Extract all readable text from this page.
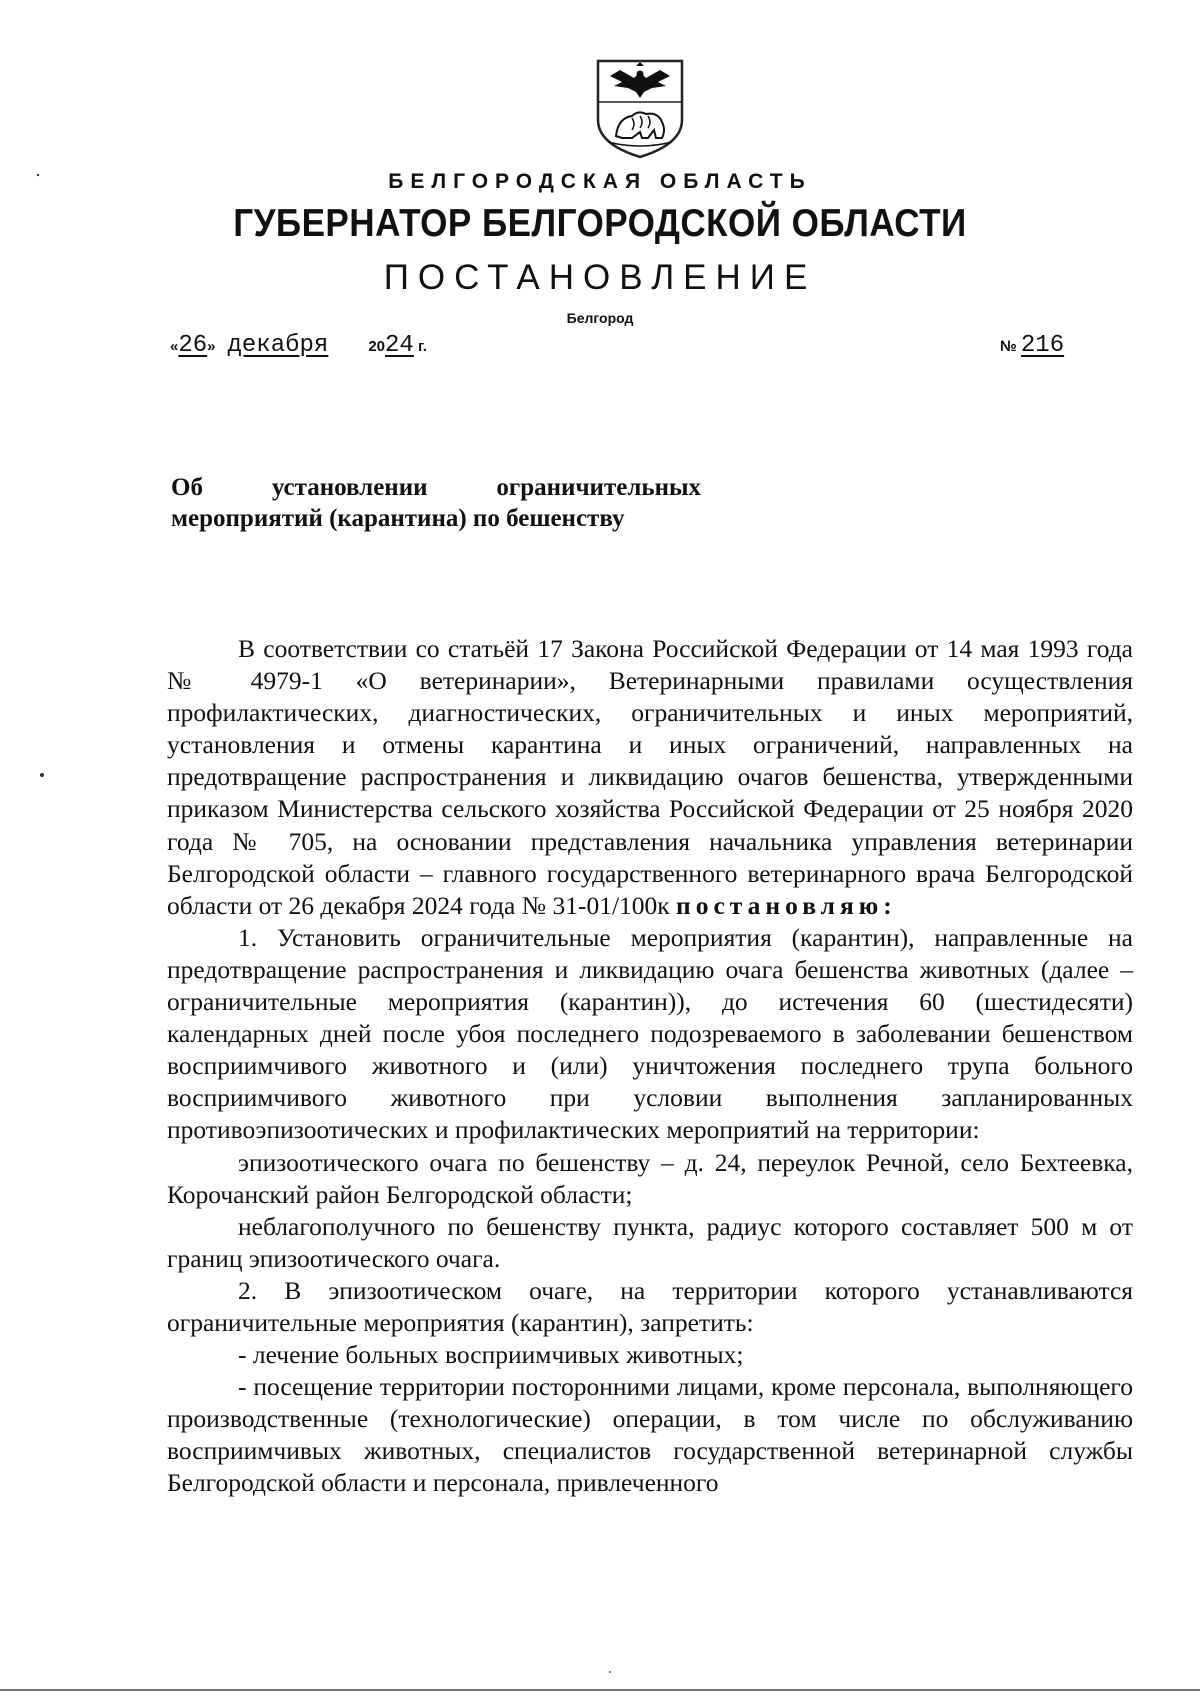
БЕЛГОРОДСКАЯ ОБЛАСТЬ
ГУБЕРНАТОР БЕЛГОРОДСКОЙ ОБЛАСТИ
ПОСТАНОВЛЕНИЕ
Белгород
«26» декабря	2024 г.	№ 216
Об установлении ограничительных
мероприятий (карантина) по бешенству

В соответствии со статьёй 17 Закона Российской Федерации от 14 мая 1993 года № 4979-1 «О ветеринарии», Ветеринарными правилами осуществления профилактических, диагностических, ограничительных и иных мероприятий, установления и отмены карантина и иных ограничений, направленных на предотвращение распространения и ликвидацию очагов бешенства, утвержденными приказом Министерства сельского хозяйства Российской Федерации от 25 ноября 2020 года № 705, на основании представления начальника управления ветеринарии Белгородской области – главного государственного ветеринарного врача Белгородской области от 26 декабря 2024 года № 31-01/100к постановляю:

1. Установить ограничительные мероприятия (карантин), направленные на предотвращение распространения и ликвидацию очага бешенства животных (далее – ограничительные мероприятия (карантин)), до истечения 60 (шестидесяти) календарных дней после убоя последнего подозреваемого в заболевании бешенством восприимчивого животного и (или) уничтожения последнего трупа больного восприимчивого животного при условии выполнения запланированных противоэпизоотических и профилактических мероприятий на территории:

эпизоотического очага по бешенству – д. 24, переулок Речной, село Бехтеевка, Корочанский район Белгородской области;

неблагополучного по бешенству пункта, радиус которого составляет 500 м от границ эпизоотического очага.

2. В эпизоотическом очаге, на территории которого устанавливаются ограничительные мероприятия (карантин), запретить:

- лечение больных восприимчивых животных;

- посещение территории посторонними лицами, кроме персонала, выполняющего производственные (технологические) операции, в том числе по обслуживанию восприимчивых животных, специалистов государственной ветеринарной службы Белгородской области и персонала, привлеченного
